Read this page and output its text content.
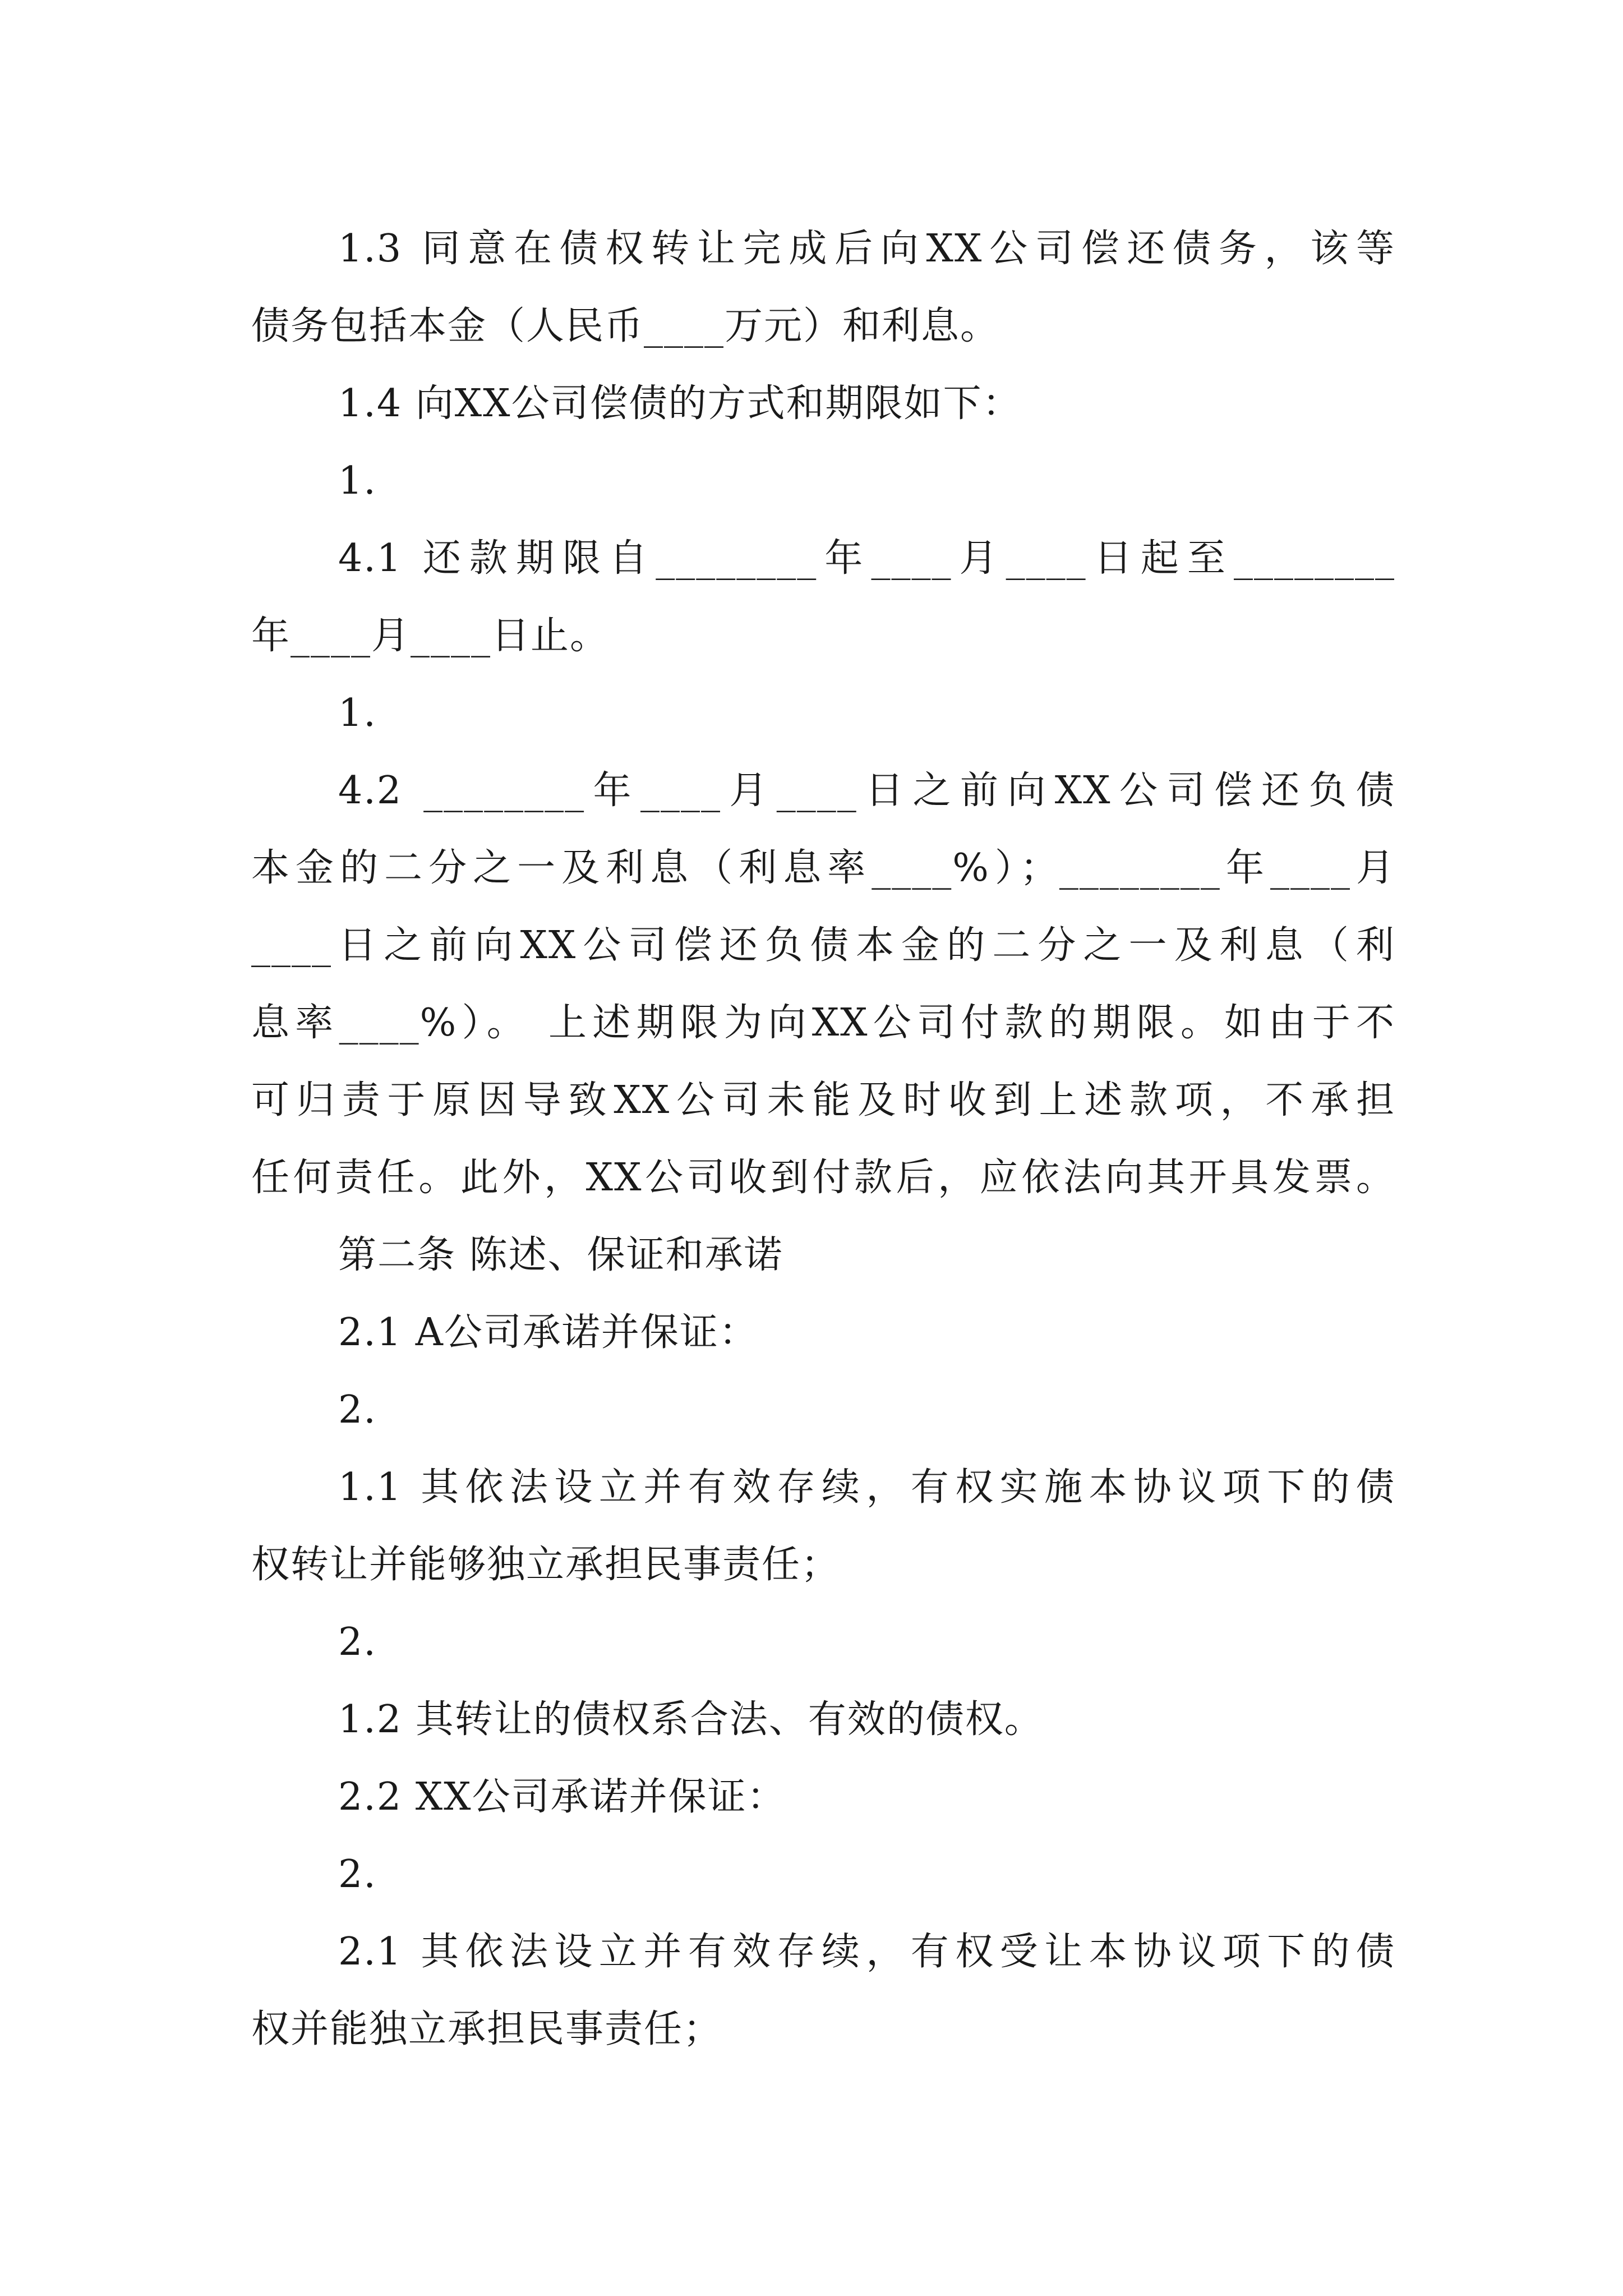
1.3 同意在债权转让完成后向XX公司偿还债务，该等
债务包括本金（人民币____万元）和利息。
1.4 向XX公司偿债的方式和期限如下：
1.
4.1 还款期限自________年____月____日起至________
年____月____日止。
1.
4.2 ________年____月____日之前向XX公司偿还负债
本金的二分之一及利息（利息率____%）；________年____月
____日之前向XX公司偿还负债本金的二分之一及利息（利
息率____%）。 上述期限为向XX公司付款的期限。如由于不
可归责于原因导致XX公司未能及时收到上述款项，不承担
任何责任。此外，XX公司收到付款后，应依法向其开具发票。
第二条 陈述、保证和承诺
2.1 A公司承诺并保证：
2.
1.1 其依法设立并有效存续，有权实施本协议项下的债
权转让并能够独立承担民事责任；
2.
1.2 其转让的债权系合法、有效的债权。
2.2 XX公司承诺并保证：
2.
2.1 其依法设立并有效存续，有权受让本协议项下的债
权并能独立承担民事责任；
